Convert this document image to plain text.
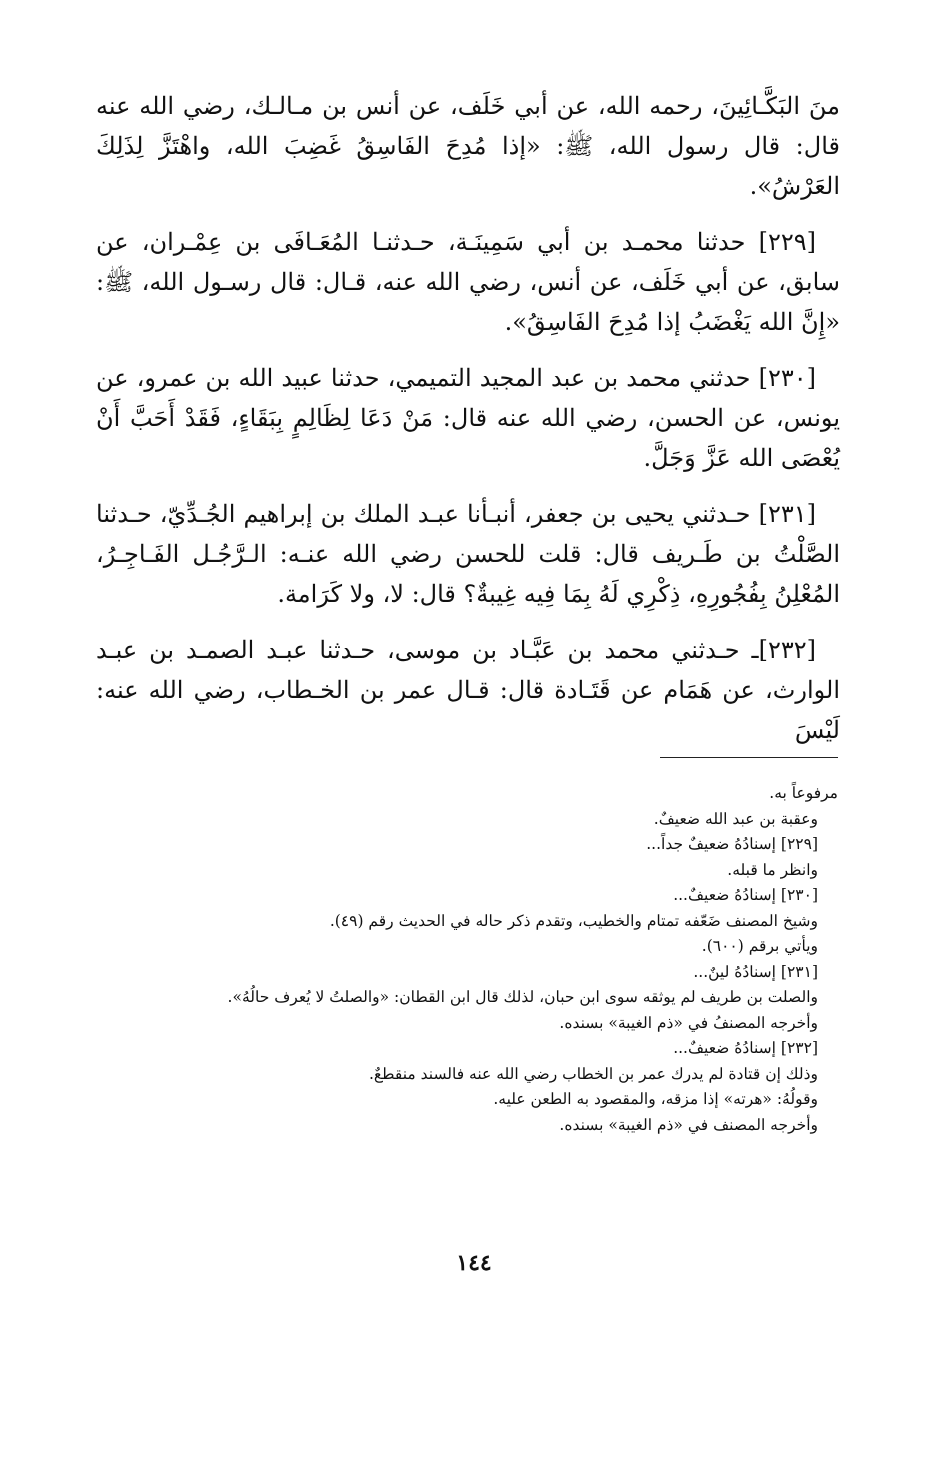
منَ البَكَّـائِينَ، رحمه الله، عن أبي خَلَف، عن أنس بن مـالـك، رضي الله عنه قال: قال رسول الله، ﷺ: «إذا مُدِحَ الفَاسِقُ غَضِبَ الله، واهْتَزَّ لِذَلِكَ العَرْشُ».

[٢٢٩] حدثنا محمـد بن أبي سَمِينَـة، حـدثنـا المُعَـافَى بن عِمْـران، عن سابق، عن أبي خَلَف، عن أنس، رضي الله عنه، قـال: قال رسـول الله، ﷺ: «إِنَّ الله يَغْضَبُ إذا مُدِحَ الفَاسِقُ».

[٢٣٠] حدثني محمد بن عبد المجيد التميمي، حدثنا عبيد الله بن عمرو، عن يونس، عن الحسن، رضي الله عنه قال: مَنْ دَعَا لِظَالِمٍ بِبَقَاءٍ، فَقَدْ أَحَبَّ أَنْ يُعْصَى الله عَزَّ وَجَلَّ.

[٢٣١] حـدثني يحيى بن جعفر، أنبـأنا عبـد الملك بن إبراهيم الجُـدِّيّ، حـدثنا الصَّلْتُ بن طَـريف قال: قلت للحسن رضي الله عنـه: الـرَّجُـل الفَـاجِـرُ، المُعْلِنُ بِفُجُورِهِ، ذِكْرِي لَهُ بِمَا فِيه غِيبةٌ؟ قال: لا، ولا كَرَامة.

[٢٣٢]ـ حـدثني محمد بن عَبَّـاد بن موسى، حـدثنا عبـد الصمـد بن عبـد الوارث، عن هَمَام عن قَتَـادة قال: قـال عمر بن الخـطاب، رضي الله عنه: لَيْسَ

مرفوعاً به.

وعقبة بن عبد الله ضعيفٌ.

[٢٢٩] إسنادُهُ ضعيفٌ جداً...

وانظر ما قبله.

[٢٣٠] إسنادُهُ ضعيفٌ...

وشيخ المصنف ضَعّفه تمتام والخطيب، وتقدم ذكر حاله في الحديث رقم (٤٩).

ويأتي برقم (٦٠٠).

[٢٣١] إسنادُهُ لينٌ...

والصلت بن طريف لم يوثقه سوى ابن حبان، لذلك قال ابن القطان: «والصلتُ لا يُعرف حالُهُ».

وأخرجه المصنفُ في «ذم الغيبة» بسنده.

[٢٣٢] إسنادُهُ ضعيفٌ...

وذلك إن قتادة لم يدرك عمر بن الخطاب رضي الله عنه فالسند منقطعٌ.

وقولُهُ: «هرته» إذا مزقه، والمقصود به الطعن عليه.

وأخرجه المصنف في «ذم الغيبة» بسنده.

١٤٤
